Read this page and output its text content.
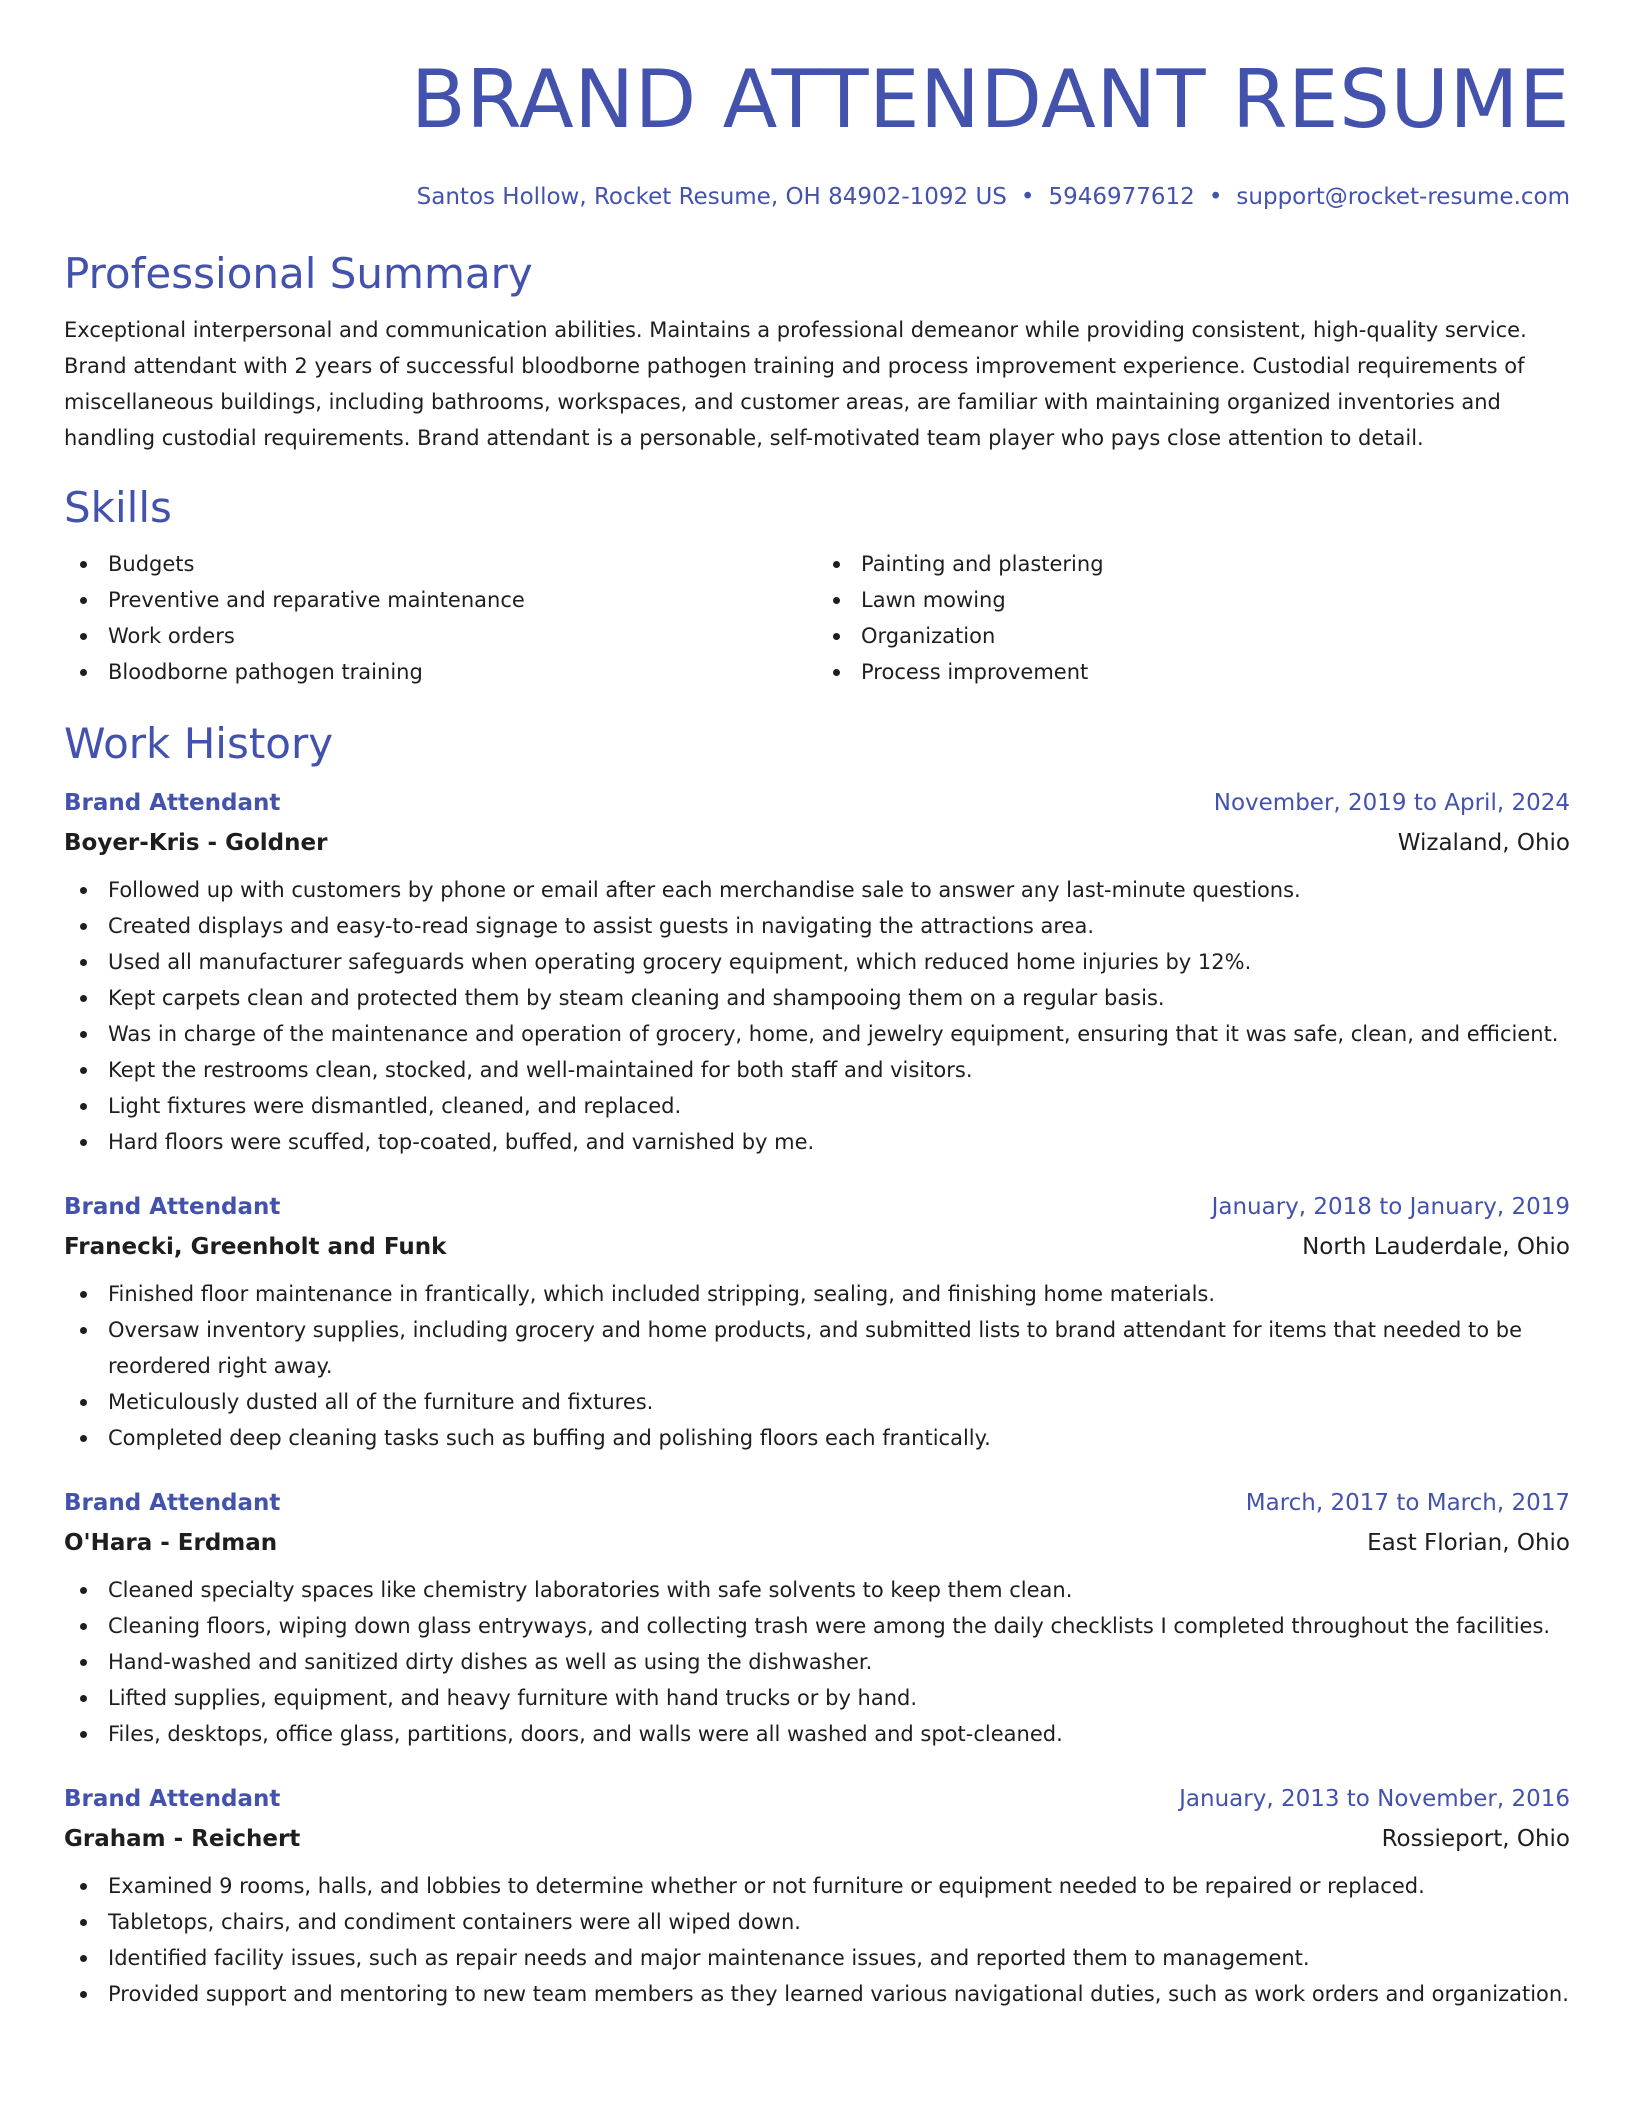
BRAND ATTENDANT RESUME
Santos Hollow, Rocket Resume, OH 84902-1092 US • 5946977612 • support@rocket-resume.com
Professional Summary
Exceptional interpersonal and communication abilities. Maintains a professional demeanor while providing consistent, high-quality service. Brand attendant with 2 years of successful bloodborne pathogen training and process improvement experience. Custodial requirements of miscellaneous buildings, including bathrooms, workspaces, and customer areas, are familiar with maintaining organized inventories and handling custodial requirements. Brand attendant is a personable, self-motivated team player who pays close attention to detail.
Skills
Budgets
Preventive and reparative maintenance
Work orders
Bloodborne pathogen training
Painting and plastering
Lawn mowing
Organization
Process improvement
Work History
Brand Attendant	November, 2019 to April, 2024
Boyer-Kris - Goldner	Wizaland, Ohio
Followed up with customers by phone or email after each merchandise sale to answer any last-minute questions.
Created displays and easy-to-read signage to assist guests in navigating the attractions area.
Used all manufacturer safeguards when operating grocery equipment, which reduced home injuries by 12%.
Kept carpets clean and protected them by steam cleaning and shampooing them on a regular basis.
Was in charge of the maintenance and operation of grocery, home, and jewelry equipment, ensuring that it was safe, clean, and efficient.
Kept the restrooms clean, stocked, and well-maintained for both staff and visitors.
Light fixtures were dismantled, cleaned, and replaced.
Hard floors were scuffed, top-coated, buffed, and varnished by me.
Brand Attendant	January, 2018 to January, 2019
Franecki, Greenholt and Funk	North Lauderdale, Ohio
Finished floor maintenance in frantically, which included stripping, sealing, and finishing home materials.
Oversaw inventory supplies, including grocery and home products, and submitted lists to brand attendant for items that needed to be reordered right away.
Meticulously dusted all of the furniture and fixtures.
Completed deep cleaning tasks such as buffing and polishing floors each frantically.
Brand Attendant	March, 2017 to March, 2017
O'Hara - Erdman	East Florian, Ohio
Cleaned specialty spaces like chemistry laboratories with safe solvents to keep them clean.
Cleaning floors, wiping down glass entryways, and collecting trash were among the daily checklists I completed throughout the facilities.
Hand-washed and sanitized dirty dishes as well as using the dishwasher.
Lifted supplies, equipment, and heavy furniture with hand trucks or by hand.
Files, desktops, office glass, partitions, doors, and walls were all washed and spot-cleaned.
Brand Attendant	January, 2013 to November, 2016
Graham - Reichert	Rossieport, Ohio
Examined 9 rooms, halls, and lobbies to determine whether or not furniture or equipment needed to be repaired or replaced.
Tabletops, chairs, and condiment containers were all wiped down.
Identified facility issues, such as repair needs and major maintenance issues, and reported them to management.
Provided support and mentoring to new team members as they learned various navigational duties, such as work orders and organization.
